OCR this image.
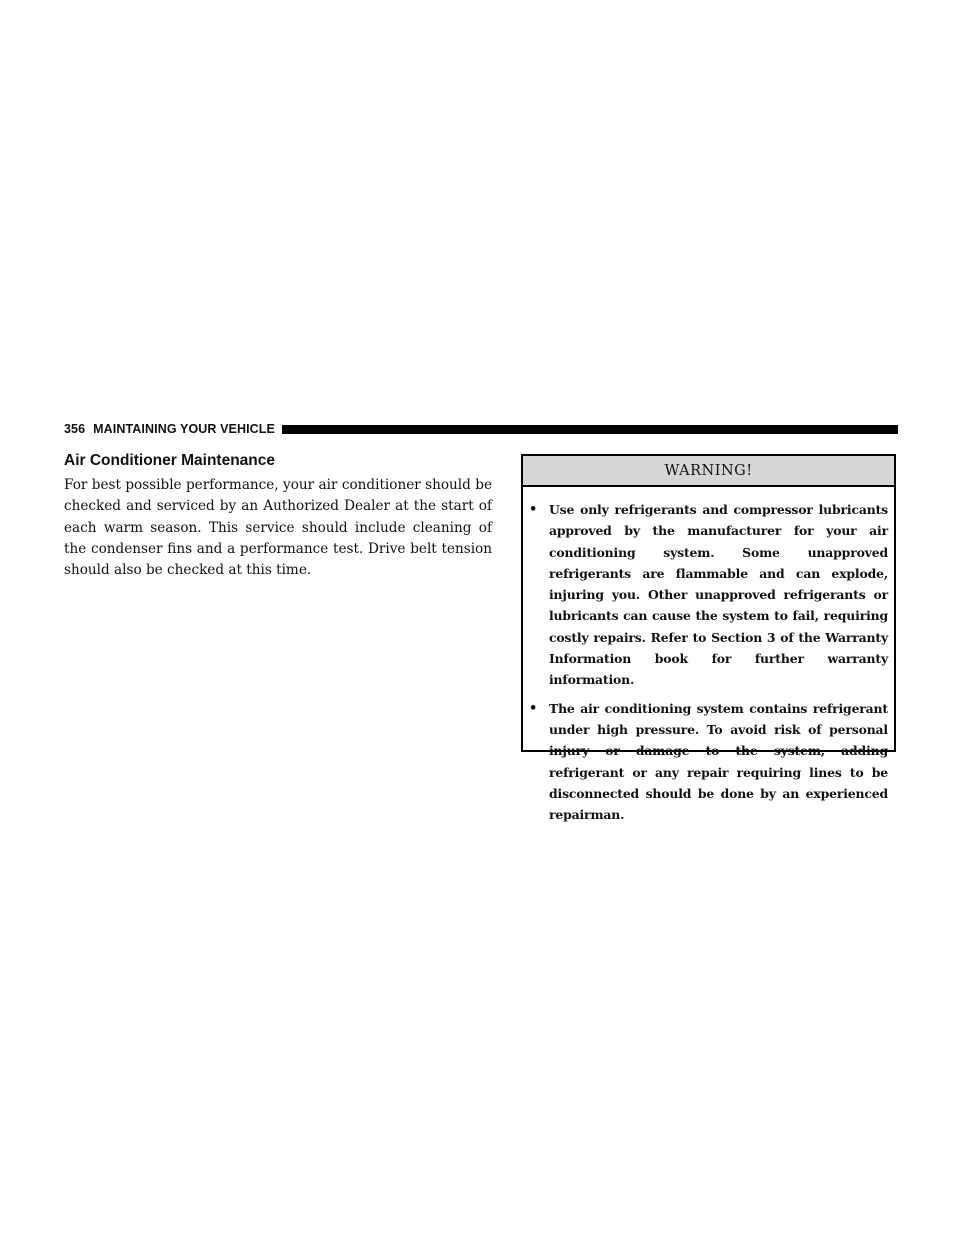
356 MAINTAINING YOUR VEHICLE
Air Conditioner Maintenance

For best possible performance, your air conditioner should be checked and serviced by an Authorized Dealer at the start of each warm season. This service should include cleaning of the condenser fins and a performance test. Drive belt tension should also be checked at this time.

WARNING!
• Use only refrigerants and compressor lubricants approved by the manufacturer for your air conditioning system. Some unapproved refrigerants are flammable and can explode, injuring you. Other unapproved refrigerants or lubricants can cause the system to fail, requiring costly repairs. Refer to Section 3 of the Warranty Information book for further warranty information.
• The air conditioning system contains refrigerant under high pressure. To avoid risk of personal injury or damage to the system, adding refrigerant or any repair requiring lines to be disconnected should be done by an experienced repairman.
